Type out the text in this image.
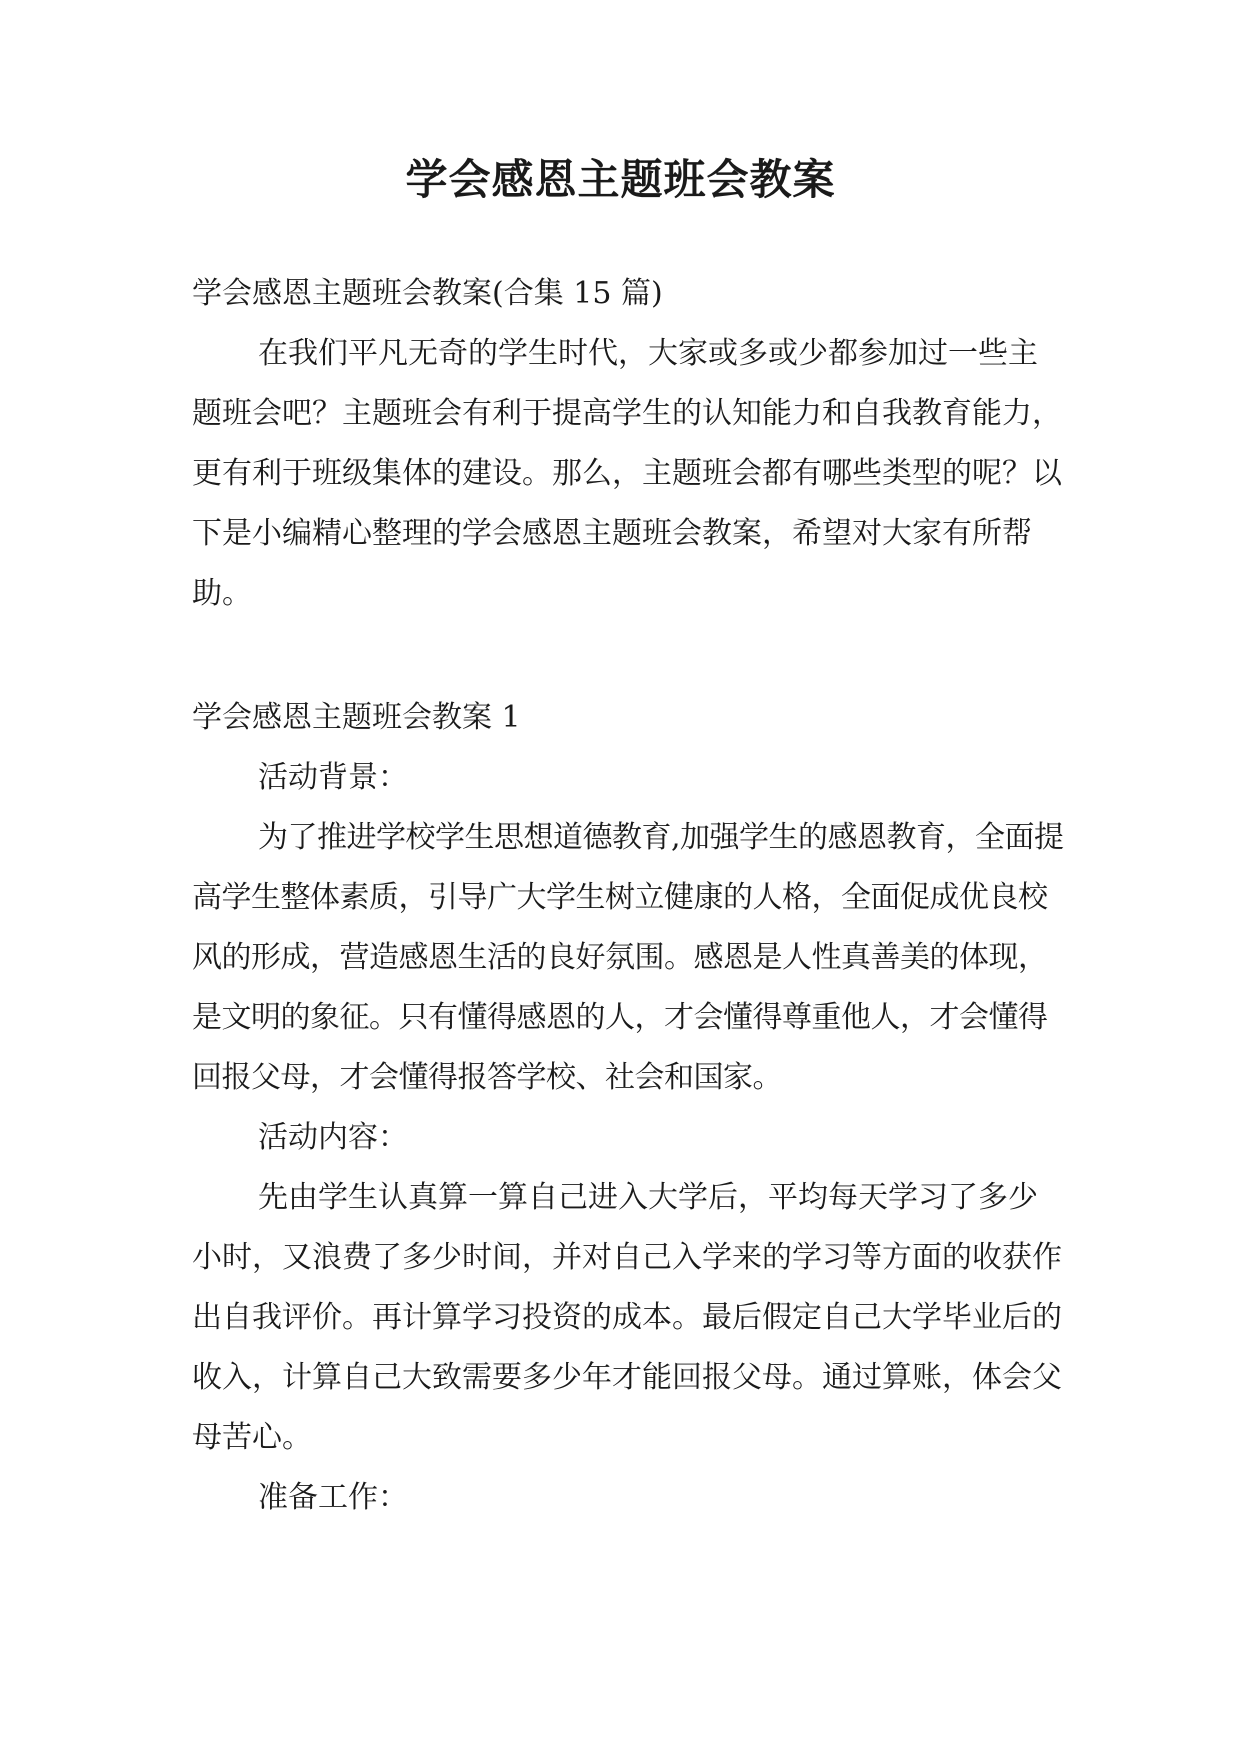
学会感恩主题班会教案

学会感恩主题班会教案(合集 15 篇)

在我们平凡无奇的学生时代，大家或多或少都参加过一些主题班会吧？主题班会有利于提高学生的认知能力和自我教育能力，更有利于班级集体的建设。那么，主题班会都有哪些类型的呢？以下是小编精心整理的学会感恩主题班会教案，希望对大家有所帮助。

学会感恩主题班会教案 1

活动背景：

为了推进学校学生思想道德教育,加强学生的感恩教育，全面提高学生整体素质，引导广大学生树立健康的人格，全面促成优良校风的形成，营造感恩生活的良好氛围。感恩是人性真善美的体现，是文明的象征。只有懂得感恩的人，才会懂得尊重他人，才会懂得回报父母，才会懂得报答学校、社会和国家。

活动内容：

先由学生认真算一算自己进入大学后，平均每天学习了多少小时，又浪费了多少时间，并对自己入学来的学习等方面的收获作出自我评价。再计算学习投资的成本。最后假定自己大学毕业后的收入，计算自己大致需要多少年才能回报父母。通过算账，体会父母苦心。

准备工作：
